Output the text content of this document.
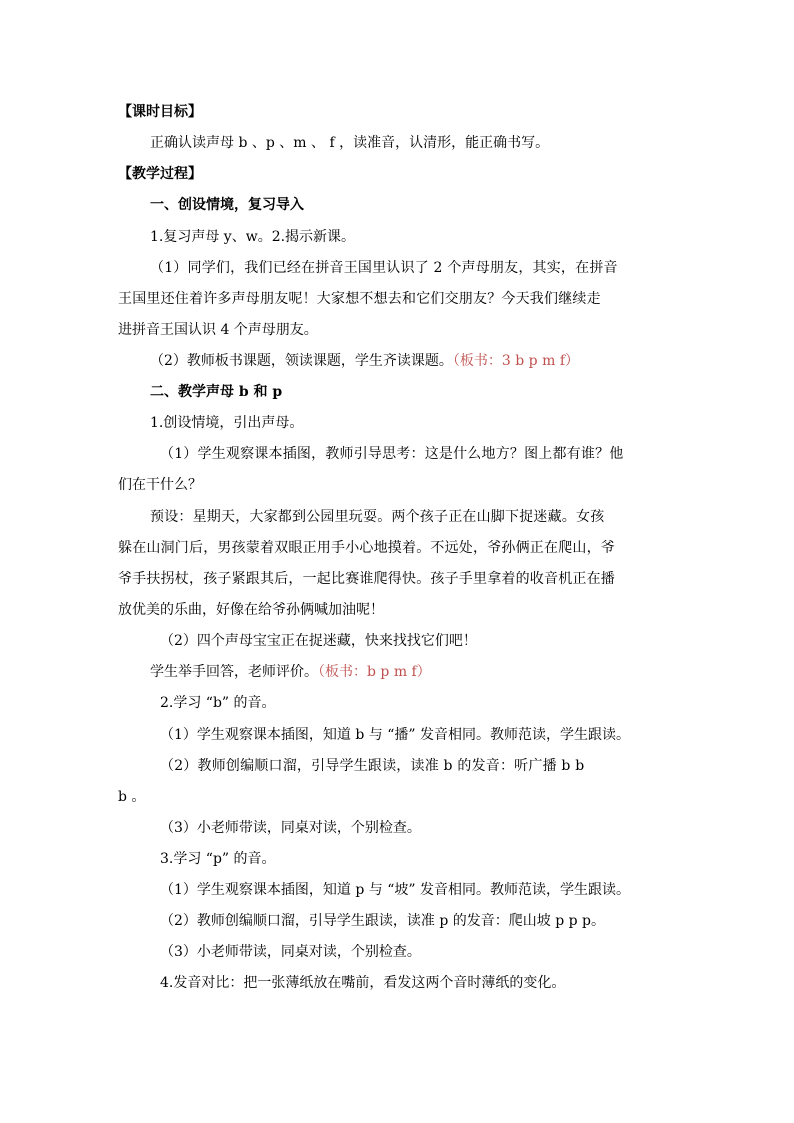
【课时目标】
正确认读声母 b 、p 、m 、 f ，读准音，认清形，能正确书写。
【教学过程】
一、创设情境，复习导入
1.复习声母 y、w。2.揭示新课。
（1）同学们，我们已经在拼音王国里认识了 2 个声母朋友，其实，在拼音
王国里还住着许多声母朋友呢！大家想不想去和它们交朋友？今天我们继续走
进拼音王国认识 4 个声母朋友。
（2）教师板书课题，领读课题，学生齐读课题。（板书：3 b p m f）
二、教学声母 b 和 p
1.创设情境，引出声母。
（1）学生观察课本插图，教师引导思考：这是什么地方？图上都有谁？他
们在干什么？
预设：星期天，大家都到公园里玩耍。两个孩子正在山脚下捉迷藏。女孩
躲在山洞门后，男孩蒙着双眼正用手小心地摸着。不远处，爷孙俩正在爬山，爷
爷手扶拐杖，孩子紧跟其后，一起比赛谁爬得快。孩子手里拿着的收音机正在播
放优美的乐曲，好像在给爷孙俩喊加油呢！
（2）四个声母宝宝正在捉迷藏，快来找找它们吧！
学生举手回答，老师评价。（板书：b p m f）
2.学习 “b” 的音。
（1）学生观察课本插图，知道 b 与 “播” 发音相同。教师范读，学生跟读。
（2）教师创编顺口溜，引导学生跟读，读准 b 的发音：听广播 b b
b 。
（3）小老师带读，同桌对读，个别检查。
3.学习 “p” 的音。
（1）学生观察课本插图，知道 p 与 “坡” 发音相同。教师范读，学生跟读。
（2）教师创编顺口溜，引导学生跟读，读准 p 的发音：爬山坡 p p p。
（3）小老师带读，同桌对读，个别检查。
4.发音对比：把一张薄纸放在嘴前，看发这两个音时薄纸的变化。
